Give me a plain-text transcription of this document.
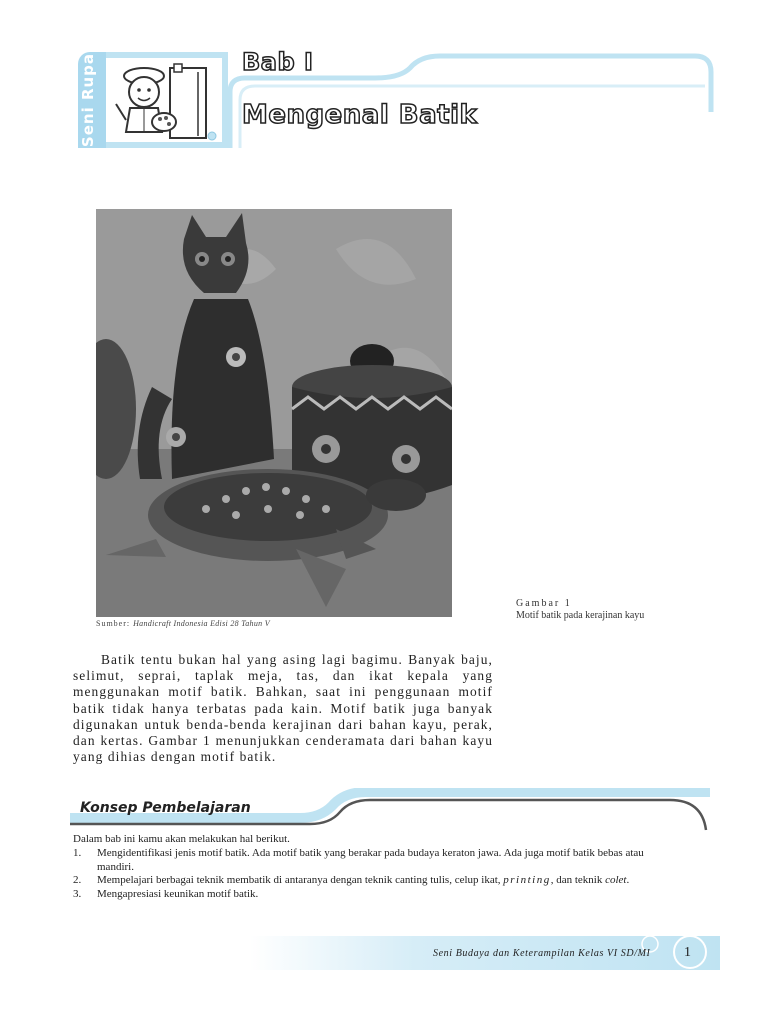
Seni Rupa	Bab I
Mengenal Batik
Sumber: Handicraft Indonesia Edisi 28 Tahun V
Gambar 1
Motif batik pada kerajinan kayu
Batik tentu bukan hal yang asing lagi bagimu. Banyak baju, selimut, seprai, taplak meja, tas, dan ikat kepala yang menggunakan motif batik. Bahkan, saat ini penggunaan motif batik tidak hanya terbatas pada kain. Motif batik juga banyak digunakan untuk benda-benda kerajinan dari bahan kayu, perak, dan kertas. Gambar 1 menunjukkan cenderamata dari bahan kayu yang dihias dengan motif batik.
Konsep Pembelajaran
Dalam bab ini kamu akan melakukan hal berikut.
1. Mengidentifikasi jenis motif batik. Ada motif batik yang berakar pada budaya keraton jawa. Ada juga motif batik bebas atau mandiri.
2. Mempelajari berbagai teknik membatik di antaranya dengan teknik canting tulis, celup ikat, printing, dan teknik colet.
3. Mengapresiasi keunikan motif batik.
Seni Budaya dan Keterampilan Kelas VI SD/MI 1
